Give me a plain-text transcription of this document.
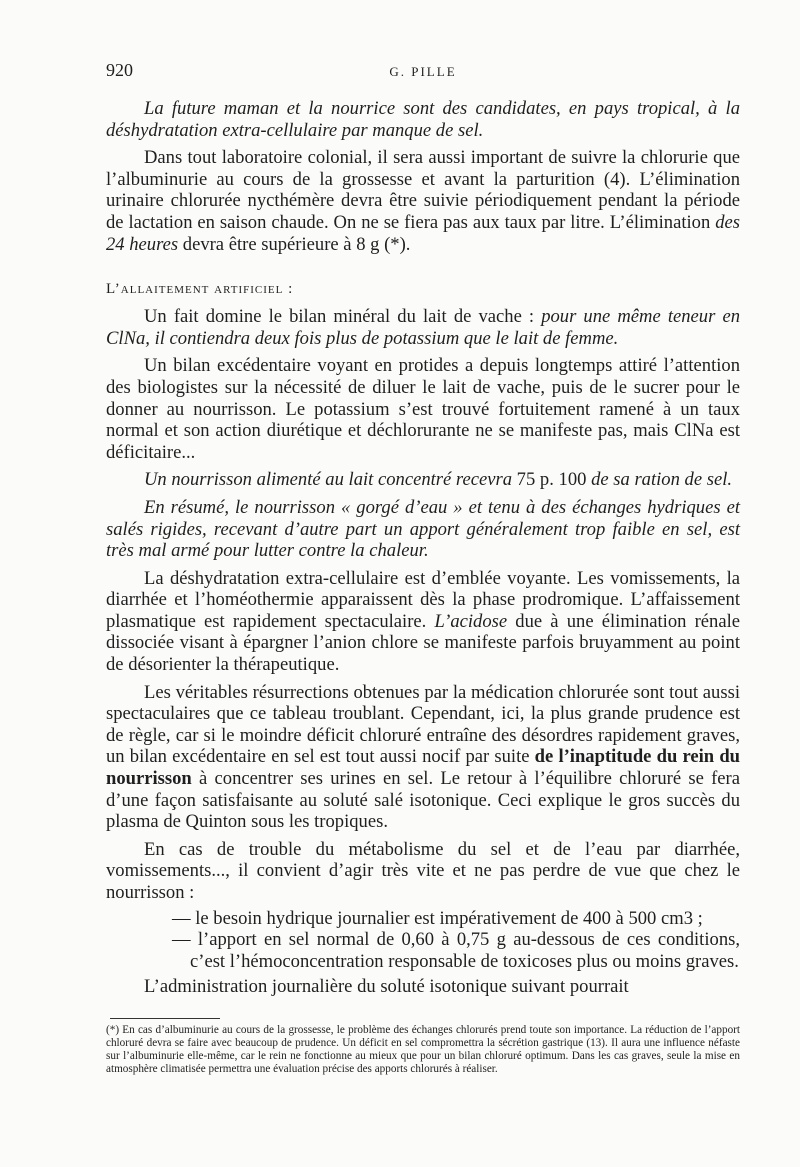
920	G. PILLE

La future maman et la nourrice sont des candidates, en pays tropical, à la déshydratation extra-cellulaire par manque de sel.

Dans tout laboratoire colonial, il sera aussi important de suivre la chlorurie que l’albuminurie au cours de la grossesse et avant la parturition (4). L’élimination urinaire chlorurée nycthémère devra être suivie périodiquement pendant la période de lactation en saison chaude. On ne se fiera pas aux taux par litre. L’élimination des 24 heures devra être supérieure à 8 g (*).

L’allaitement artificiel :

Un fait domine le bilan minéral du lait de vache : pour une même teneur en ClNa, il contiendra deux fois plus de potassium que le lait de femme.

Un bilan excédentaire voyant en protides a depuis longtemps attiré l’attention des biologistes sur la nécessité de diluer le lait de vache, puis de le sucrer pour le donner au nourrisson. Le potassium s’est trouvé fortuitement ramené à un taux normal et son action diurétique et déchlorurante ne se manifeste pas, mais ClNa est déficitaire...

Un nourrisson alimenté au lait concentré recevra 75 p. 100 de sa ration de sel.

En résumé, le nourrisson « gorgé d’eau » et tenu à des échanges hydriques et salés rigides, recevant d’autre part un apport généralement trop faible en sel, est très mal armé pour lutter contre la chaleur.

La déshydratation extra-cellulaire est d’emblée voyante. Les vomissements, la diarrhée et l’homéothermie apparaissent dès la phase prodromique. L’affaissement plasmatique est rapidement spectaculaire. L’acidose due à une élimination rénale dissociée visant à épargner l’anion chlore se manifeste parfois bruyamment au point de désorienter la thérapeutique.

Les véritables résurrections obtenues par la médication chlorurée sont tout aussi spectaculaires que ce tableau troublant. Cependant, ici, la plus grande prudence est de règle, car si le moindre déficit chloruré entraîne des désordres rapidement graves, un bilan excédentaire en sel est tout aussi nocif par suite de l’inaptitude du rein du nourrisson à concentrer ses urines en sel. Le retour à l’équilibre chloruré se fera d’une façon satisfaisante au soluté salé isotonique. Ceci explique le gros succès du plasma de Quinton sous les tropiques.

En cas de trouble du métabolisme du sel et de l’eau par diarrhée, vomissements..., il convient d’agir très vite et ne pas perdre de vue que chez le nourrisson :

— le besoin hydrique journalier est impérativement de 400 à 500 cm3 ;
— l’apport en sel normal de 0,60 à 0,75 g au-dessous de ces conditions, c’est l’hémoconcentration responsable de toxicoses plus ou moins graves.

L’administration journalière du soluté isotonique suivant pourrait

(*) En cas d’albuminurie au cours de la grossesse, le problème des échanges chlorurés prend toute son importance. La réduction de l’apport chloruré devra se faire avec beaucoup de prudence. Un déficit en sel compromettra la sécrétion gastrique (13). Il aura une influence néfaste sur l’albuminurie elle-même, car le rein ne fonctionne au mieux que pour un bilan chloruré optimum. Dans les cas graves, seule la mise en atmosphère climatisée permettra une évaluation précise des apports chlorurés à réaliser.
